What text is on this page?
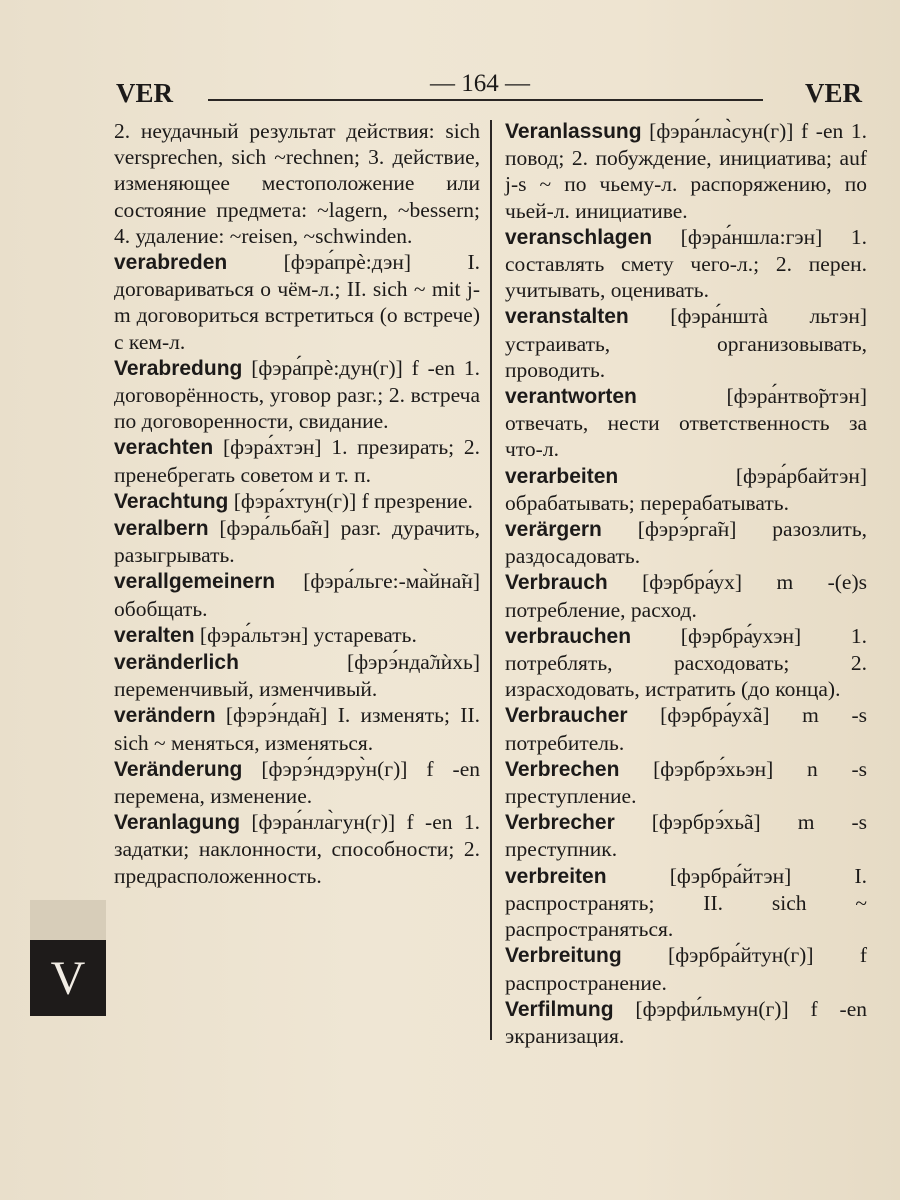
VER	— 164 —	VER

2. неудачный результат действия: sich versprechen, sich ~rechnen; 3. действие, изменяющее местоположение или состояние предмета: ~lagern, ~bessern; 4. удаление: ~reisen, ~schwinden.

verabreden [фэра́прѐ:дэн] I. договариваться о чём-л.; II. sich ~ mit j-m договориться встретиться (о встрече) с кем-л.

Verabredung [фэра́прѐ:дун(г)] f -en 1. договорённость, уговор разг.; 2. встреча по договоренности, свидание.

verachten [фэра́хтэн] 1. презирать; 2. пренебрегать советом и т. п.

Verachtung [фэра́хтун(г)] f презрение.

veralbern [фэра́льба̃н] разг. дурачить, разыгрывать.

verallgemeinern [фэра́льге:-ма̀йна̃н] обобщать.

veralten [фэра́льтэн] устаревать.

veränderlich [фэрэ́нда̃лѝхь] переменчивый, изменчивый.

verändern [фэрэ́нда̃н] I. изменять; II. sich ~ меняться, изменяться.

Veränderung [фэрэ́ндэру̀н(г)] f -en перемена, изменение.

Veranlagung [фэра́нла̀гун(г)] f -en 1. задатки; наклонности, способности; 2. предрасположенность.

Veranlassung [фэра́нла̀сун(г)] f -en 1. повод; 2. побуждение, инициатива; auf j-s ~ по чьему-л. распоряжению, по чьей-л. инициативе.

veranschlagen [фэра́ншла:гэн] 1. составлять смету чего-л.; 2. перен. учитывать, оценивать.

veranstalten [фэра́нштà льтэн] устраивать, организовывать, проводить.

verantworten [фэра́нтво̃ртэн] отвечать, нести ответственность за что-л.

verarbeiten [фэра́рбайтэн] обрабатывать; перерабатывать.

verärgern [фэрэ́рга̃н] разозлить, раздосадовать.

Verbrauch [фэрбра́ух] m -(e)s потребление, расход.

verbrauchen [фэрбра́ухэн] 1. потреблять, расходовать; 2. израсходовать, истратить (до конца).

Verbraucher [фэрбра́ухã] m -s потребитель.

Verbrechen [фэрбрэ́хьэн] n -s преступление.

Verbrecher [фэрбрэ́хьã] m -s преступник.

verbreiten [фэрбра́йтэн] I. распространять; II. sich ~ распространяться.

Verbreitung [фэрбра́йтун(г)] f распространение.

Verfilmung [фэрфи́льмун(г)] f -en экранизация.

V
